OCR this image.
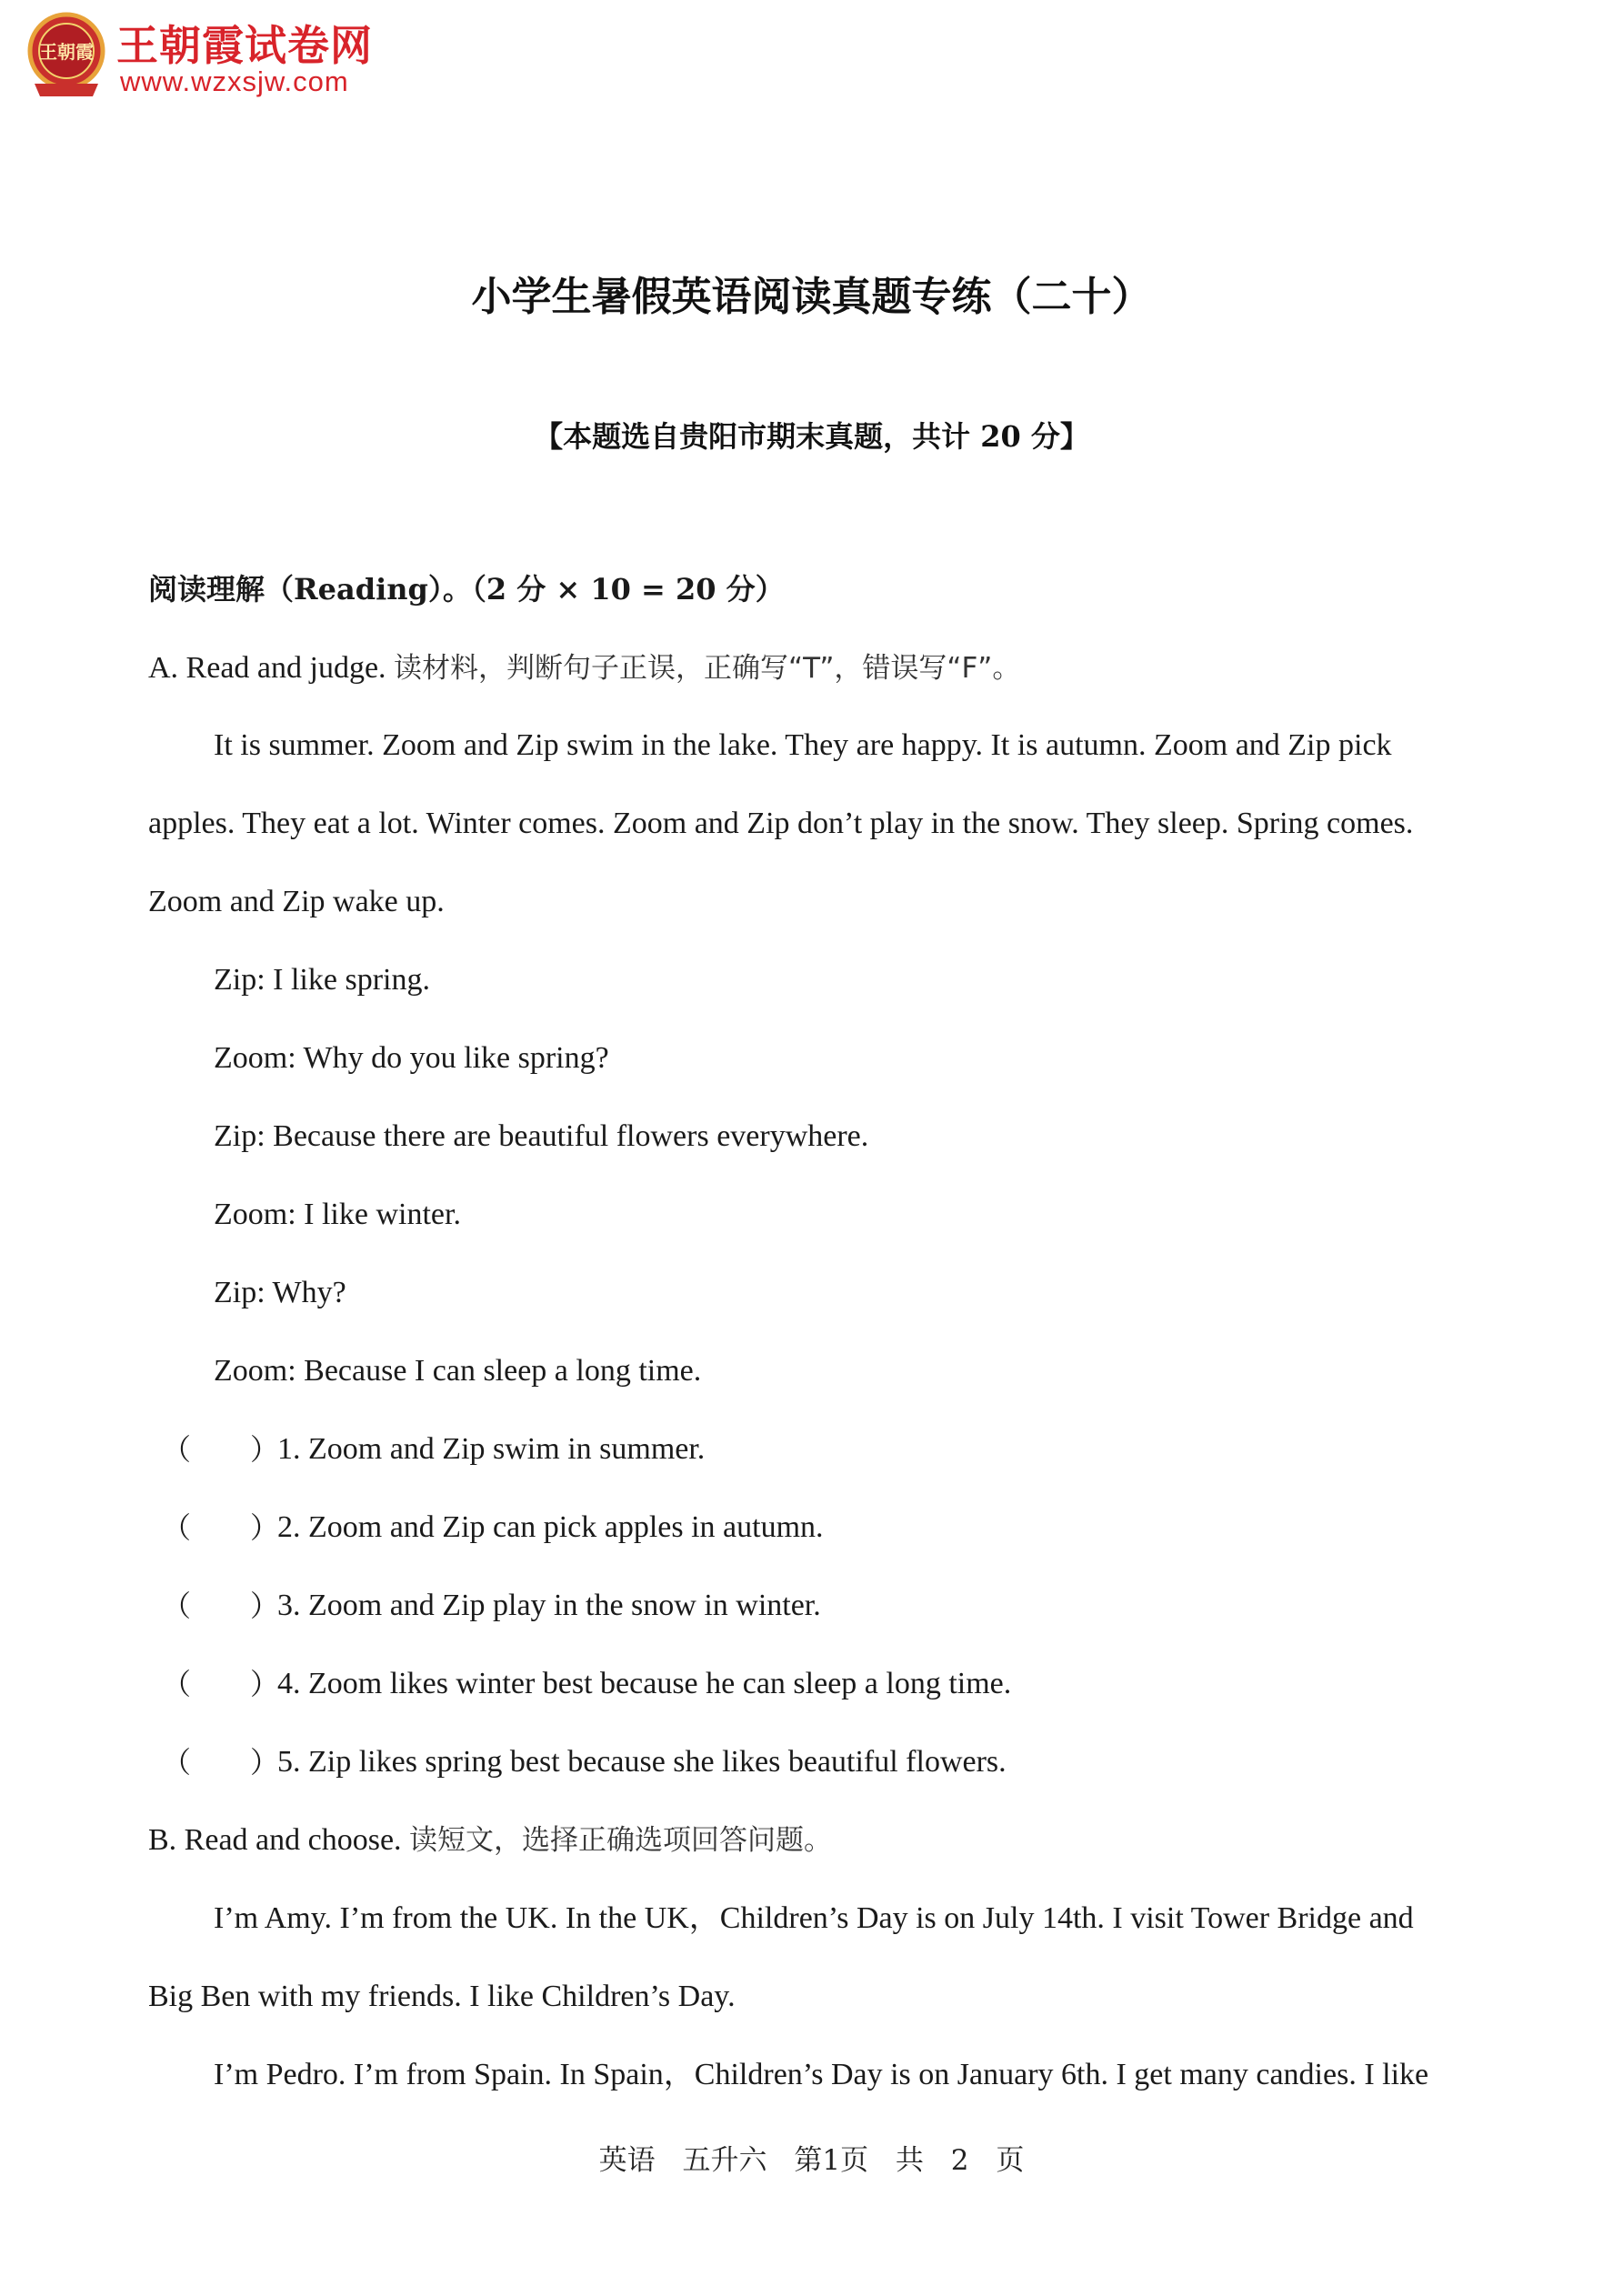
王朝霞 王朝霞试卷网
www.wzxsjw.com
小学生暑假英语阅读真题专练（二十）
【本题选自贵阳市期末真题，共计 20 分】
阅读理解（Reading）。（2 分 × 10 = 20 分）
A. Read and judge. 读材料，判断句子正误，正确写“T”，错误写“F”。
It is summer. Zoom and Zip swim in the lake. They are happy. It is autumn. Zoom and Zip pick
apples. They eat a lot. Winter comes. Zoom and Zip don’t play in the snow. They sleep. Spring comes.
Zoom and Zip wake up.
Zip: I like spring.
Zoom: Why do you like spring?
Zip: Because there are beautiful flowers everywhere.
Zoom: I like winter.
Zip: Why?
Zoom: Because I can sleep a long time.
（ ）
1. Zoom and Zip swim in summer.
（ ）
2. Zoom and Zip can pick apples in autumn.
（ ）
3. Zoom and Zip play in the snow in winter.
（ ）
4. Zoom likes winter best because he can sleep a long time.
（ ）
5. Zip likes spring best because she likes beautiful flowers.
B. Read and choose. 读短文，选择正确选项回答问题。
I’m Amy. I’m from the UK. In the UK，Children’s Day is on July 14th. I visit Tower Bridge and
Big Ben with my friends. I like Children’s Day.
I’m Pedro. I’m from Spain. In Spain，Children’s Day is on January 6th. I get many candies. I like
英语 五升六 第1页 共 2 页
